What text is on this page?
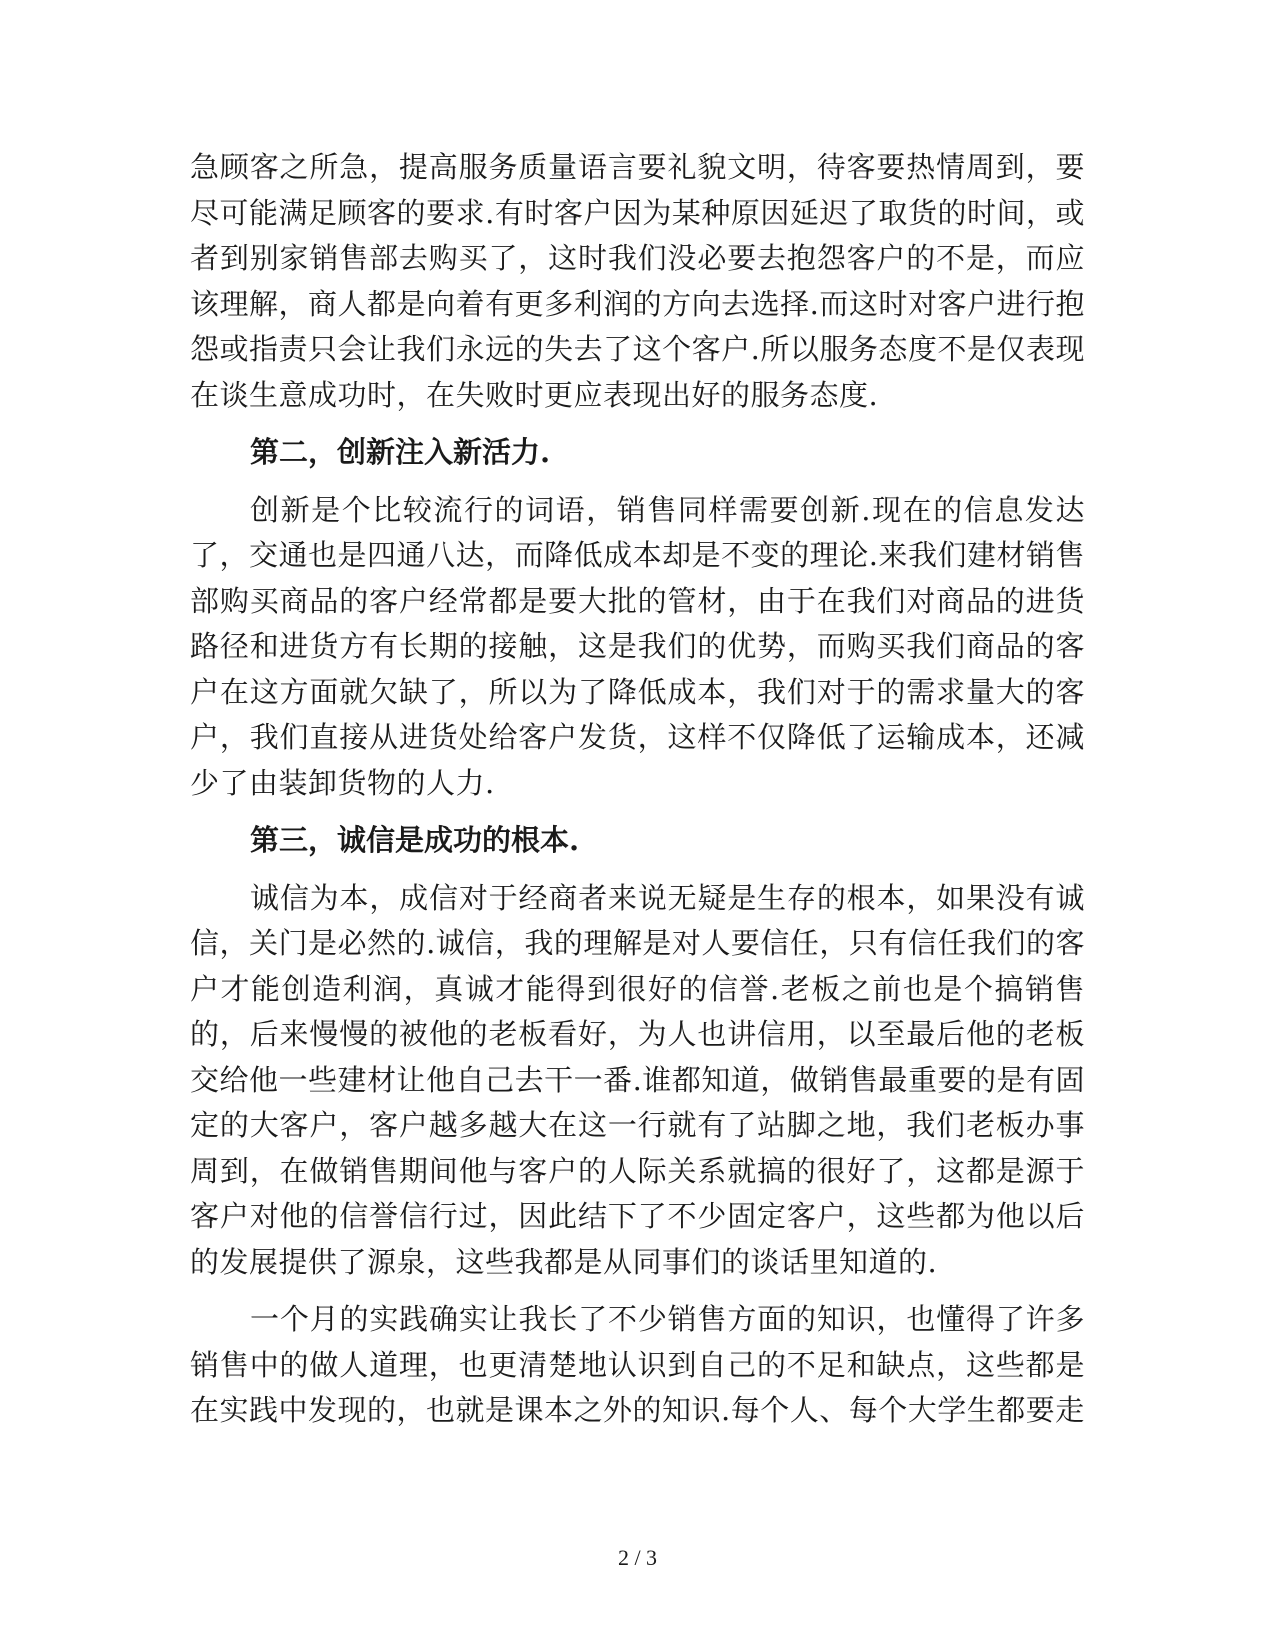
急顾客之所急，提高服务质量语言要礼貌文明，待客要热情周到，要尽可能满足顾客的要求.有时客户因为某种原因延迟了取货的时间，或者到别家销售部去购买了，这时我们没必要去抱怨客户的不是，而应该理解，商人都是向着有更多利润的方向去选择.而这时对客户进行抱怨或指责只会让我们永远的失去了这个客户.所以服务态度不是仅表现在谈生意成功时，在失败时更应表现出好的服务态度.

第二，创新注入新活力.

创新是个比较流行的词语，销售同样需要创新.现在的信息发达了，交通也是四通八达，而降低成本却是不变的理论.来我们建材销售部购买商品的客户经常都是要大批的管材，由于在我们对商品的进货路径和进货方有长期的接触，这是我们的优势，而购买我们商品的客户在这方面就欠缺了，所以为了降低成本，我们对于的需求量大的客户，我们直接从进货处给客户发货，这样不仅降低了运输成本，还减少了由装卸货物的人力.

第三，诚信是成功的根本.

诚信为本，成信对于经商者来说无疑是生存的根本，如果没有诚信，关门是必然的.诚信，我的理解是对人要信任，只有信任我们的客户才能创造利润，真诚才能得到很好的信誉.老板之前也是个搞销售的，后来慢慢的被他的老板看好，为人也讲信用，以至最后他的老板交给他一些建材让他自己去干一番.谁都知道，做销售最重要的是有固定的大客户，客户越多越大在这一行就有了站脚之地，我们老板办事周到，在做销售期间他与客户的人际关系就搞的很好了，这都是源于客户对他的信誉信行过，因此结下了不少固定客户，这些都为他以后的发展提供了源泉，这些我都是从同事们的谈话里知道的.

一个月的实践确实让我长了不少销售方面的知识，也懂得了许多销售中的做人道理，也更清楚地认识到自己的不足和缺点，这些都是在实践中发现的，也就是课本之外的知识.每个人、每个大学生都要走

2 / 3
